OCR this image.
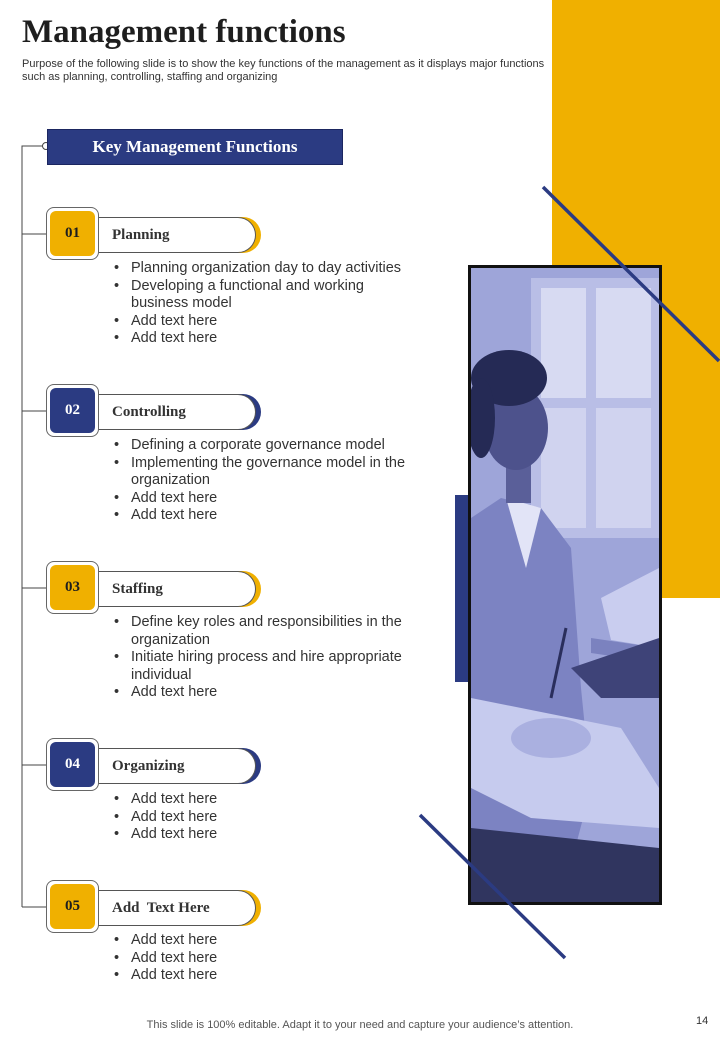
Management functions
Purpose of the following slide is to show the key functions of the management as it displays major functions such as planning, controlling, staffing and organizing
Key Management Functions
Planning
01
• Planning organization day to day activities
• Developing a functional and working business model
• Add text here
• Add text here
Controlling
02
• Defining a corporate governance model
• Implementing the governance model in the organization
• Add text here
• Add text here
Staffing
03
• Define key roles and responsibilities in the organization
• Initiate hiring process and hire appropriate individual
• Add text here
Organizing
04
• Add text here
• Add text here
• Add text here
Add  Text Here
05
• Add text here
• Add text here
• Add text here
This slide is 100% editable. Adapt it to your need and capture your audience’s attention.	14
